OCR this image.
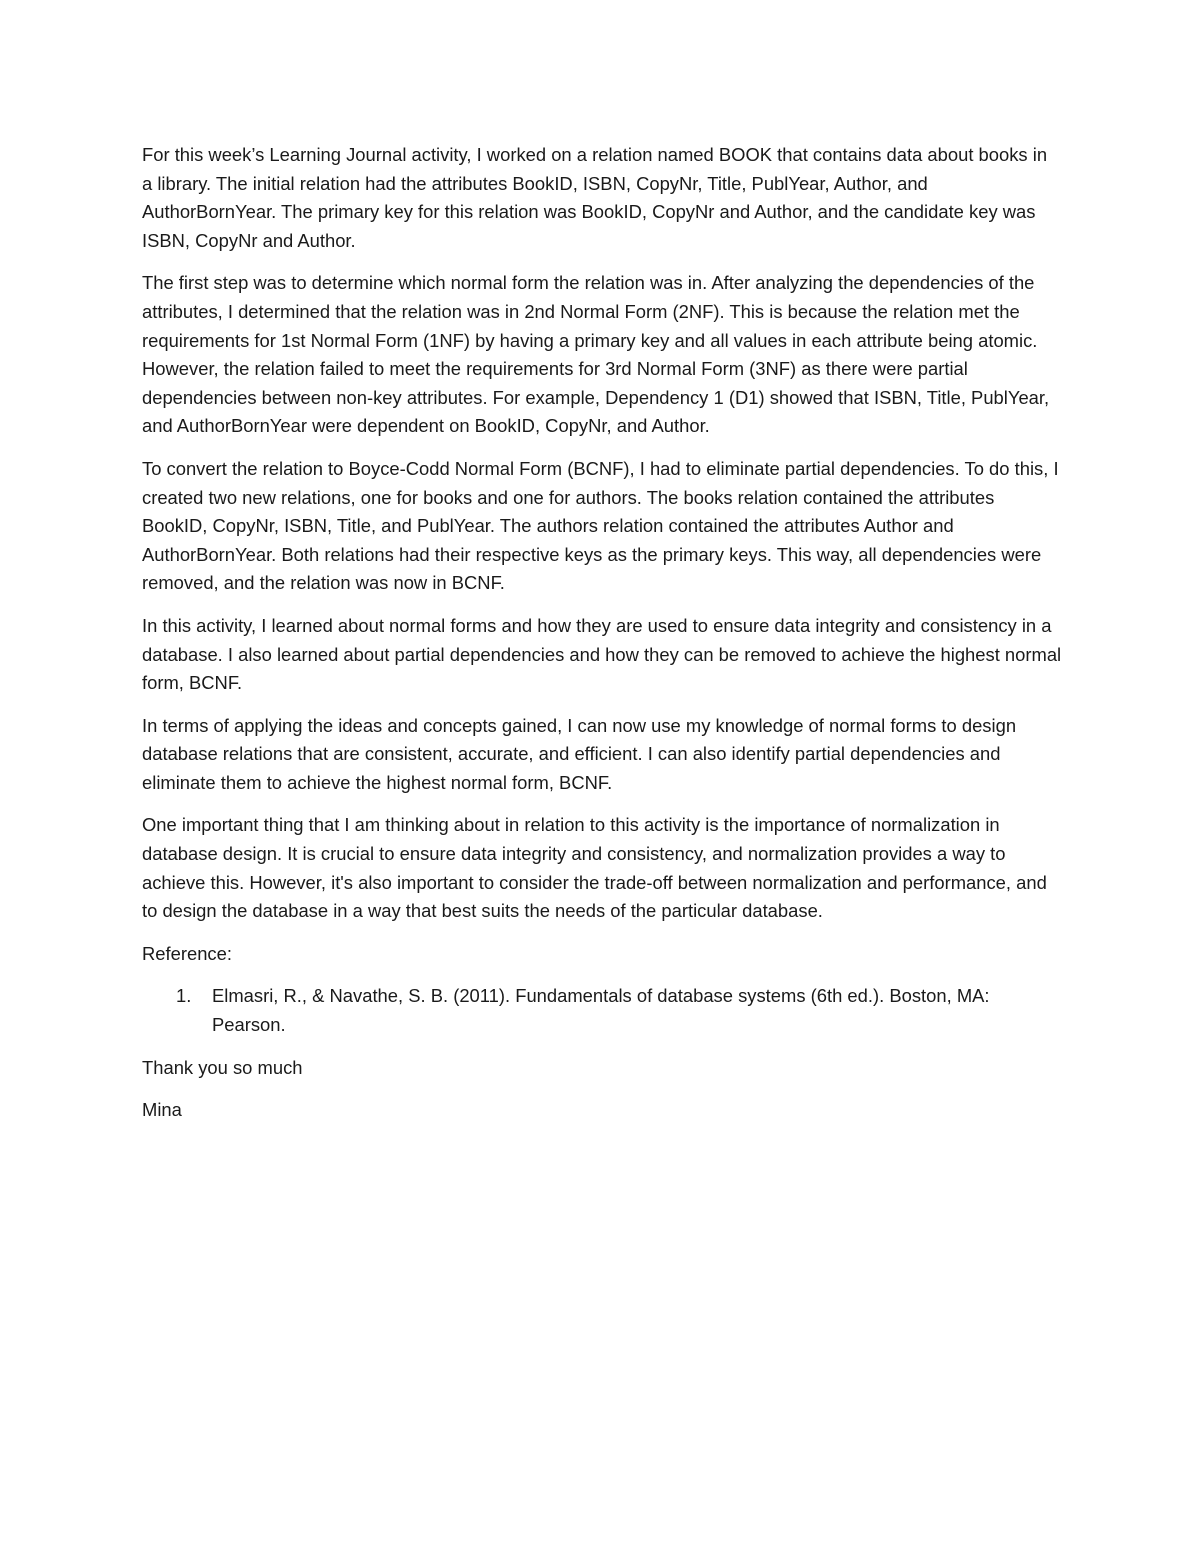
For this week’s Learning Journal activity, I worked on a relation named BOOK that contains data about books in a library. The initial relation had the attributes BookID, ISBN, CopyNr, Title, PublYear, Author, and AuthorBornYear. The primary key for this relation was BookID, CopyNr and Author, and the candidate key was ISBN, CopyNr and Author.

The first step was to determine which normal form the relation was in. After analyzing the dependencies of the attributes, I determined that the relation was in 2nd Normal Form (2NF). This is because the relation met the requirements for 1st Normal Form (1NF) by having a primary key and all values in each attribute being atomic. However, the relation failed to meet the requirements for 3rd Normal Form (3NF) as there were partial dependencies between non-key attributes. For example, Dependency 1 (D1) showed that ISBN, Title, PublYear, and AuthorBornYear were dependent on BookID, CopyNr, and Author.

To convert the relation to Boyce-Codd Normal Form (BCNF), I had to eliminate partial dependencies. To do this, I created two new relations, one for books and one for authors. The books relation contained the attributes BookID, CopyNr, ISBN, Title, and PublYear. The authors relation contained the attributes Author and AuthorBornYear. Both relations had their respective keys as the primary keys. This way, all dependencies were removed, and the relation was now in BCNF.

In this activity, I learned about normal forms and how they are used to ensure data integrity and consistency in a database. I also learned about partial dependencies and how they can be removed to achieve the highest normal form, BCNF.

In terms of applying the ideas and concepts gained, I can now use my knowledge of normal forms to design database relations that are consistent, accurate, and efficient. I can also identify partial dependencies and eliminate them to achieve the highest normal form, BCNF.

One important thing that I am thinking about in relation to this activity is the importance of normalization in database design. It is crucial to ensure data integrity and consistency, and normalization provides a way to achieve this. However, it's also important to consider the trade-off between normalization and performance, and to design the database in a way that best suits the needs of the particular database.

Reference:

1.	Elmasri, R., & Navathe, S. B. (2011). Fundamentals of database systems (6th ed.). Boston, MA: Pearson.

Thank you so much

Mina
